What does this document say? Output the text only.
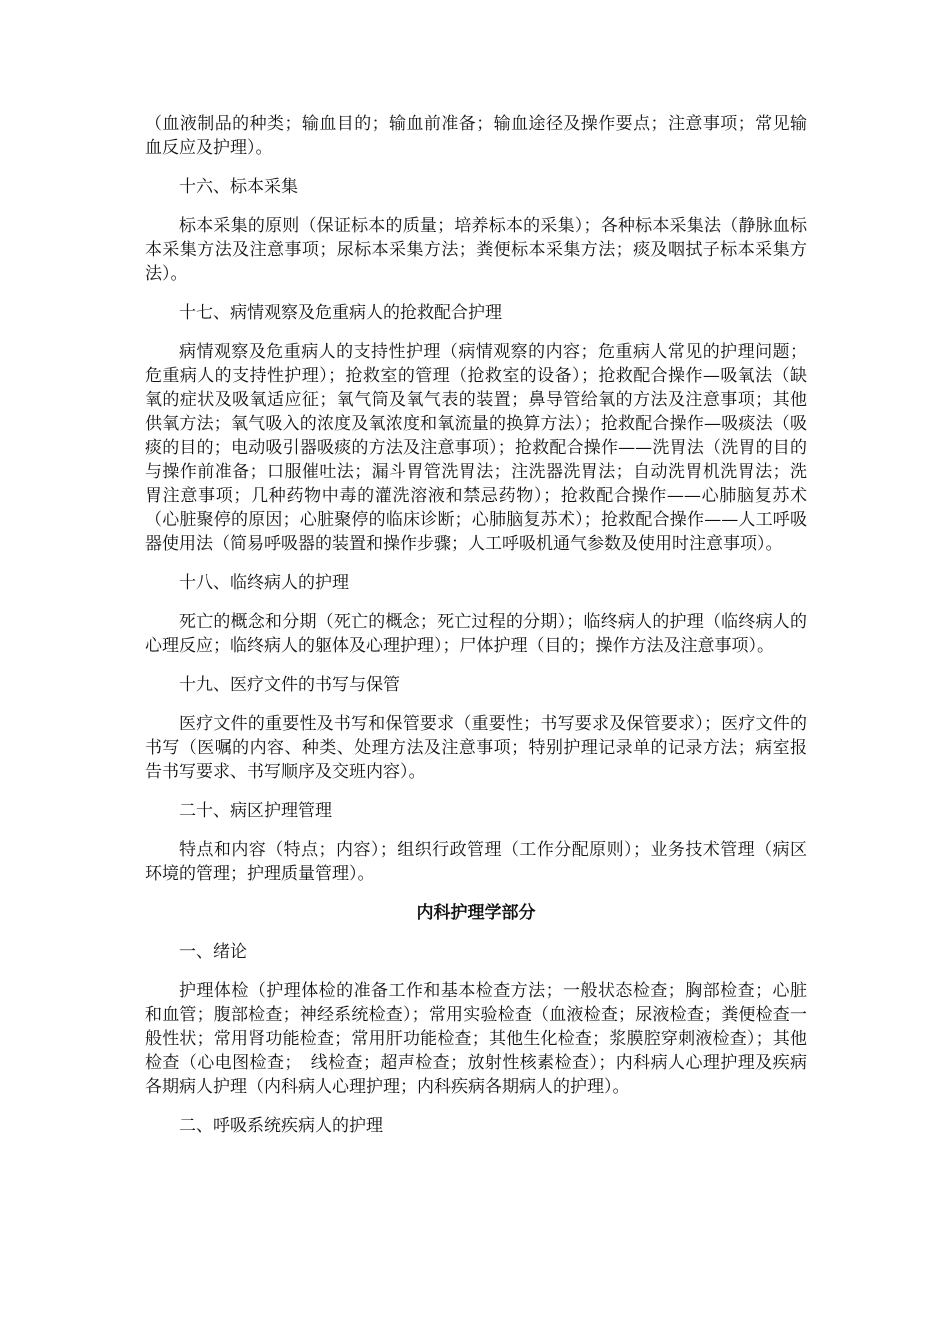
（血液制品的种类；输血目的；输血前准备；输血途径及操作要点；注意事项；常见输血反应及护理）。

十六、标本采集

标本采集的原则（保证标本的质量；培养标本的采集）；各种标本采集法（静脉血标本采集方法及注意事项；尿标本采集方法；粪便标本采集方法；痰及咽拭子标本采集方法）。

十七、病情观察及危重病人的抢救配合护理

病情观察及危重病人的支持性护理（病情观察的内容；危重病人常见的护理问题；危重病人的支持性护理）；抢救室的管理（抢救室的设备）；抢救配合操作—吸氧法（缺氧的症状及吸氧适应征；氧气筒及氧气表的装置；鼻导管给氧的方法及注意事项；其他供氧方法；氧气吸入的浓度及氧浓度和氧流量的换算方法）；抢救配合操作—吸痰法（吸痰的目的；电动吸引器吸痰的方法及注意事项）；抢救配合操作——洗胃法（洗胃的目的与操作前准备；口服催吐法；漏斗胃管洗胃法；注洗器洗胃法；自动洗胃机洗胃法；洗胃注意事项；几种药物中毒的灌洗溶液和禁忌药物）；抢救配合操作——心肺脑复苏术（心脏聚停的原因；心脏聚停的临床诊断；心肺脑复苏术）；抢救配合操作——人工呼吸器使用法（简易呼吸器的装置和操作步骤；人工呼吸机通气参数及使用时注意事项）。

十八、临终病人的护理

死亡的概念和分期（死亡的概念；死亡过程的分期）；临终病人的护理（临终病人的心理反应；临终病人的躯体及心理护理）；尸体护理（目的；操作方法及注意事项）。

十九、医疗文件的书写与保管

医疗文件的重要性及书写和保管要求（重要性；书写要求及保管要求）；医疗文件的书写（医嘱的内容、种类、处理方法及注意事项；特别护理记录单的记录方法；病室报告书写要求、书写顺序及交班内容）。

二十、病区护理管理

特点和内容（特点；内容）；组织行政管理（工作分配原则）；业务技术管理（病区环境的管理；护理质量管理）。

内科护理学部分

一、绪论

护理体检（护理体检的准备工作和基本检查方法；一般状态检查；胸部检查；心脏和血管；腹部检查；神经系统检查）；常用实验检查（血液检查；尿液检查；粪便检查一般性状；常用肾功能检查；常用肝功能检查；其他生化检查；浆膜腔穿刺液检查）；其他检查（心电图检查；　线检查；超声检查；放射性核素检查）；内科病人心理护理及疾病各期病人护理（内科病人心理护理；内科疾病各期病人的护理）。

二、呼吸系统疾病人的护理
